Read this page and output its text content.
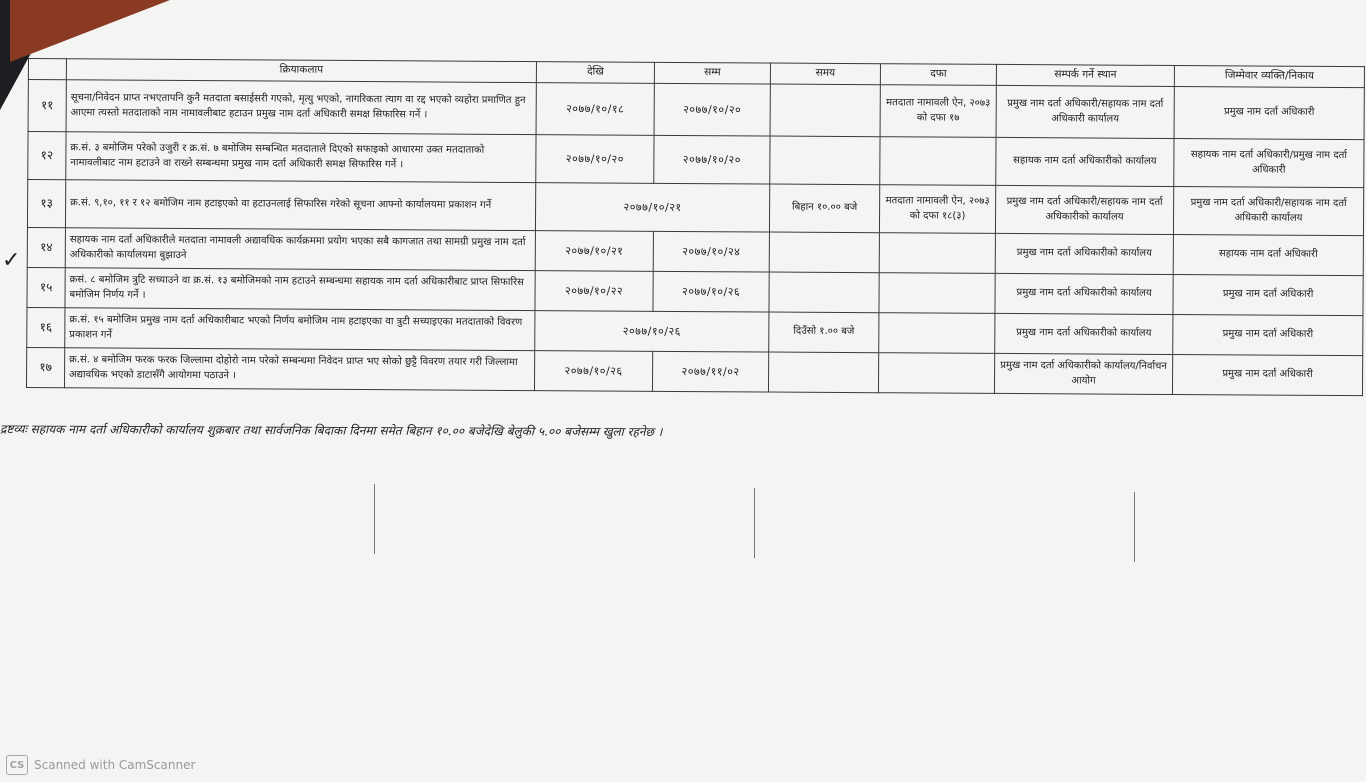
	क्रियाकलाप	देखि	सम्म	समय	दफा	सम्पर्क गर्ने स्थान	जिम्मेवार व्यक्ति/निकाय
११	सूचना/निवेदन प्राप्त नभएतापनि कुनै मतदाता बसाईसरी गएको, मृत्यु भएको, नागरिकता त्याग वा रद्द भएको व्यहोरा प्रमाणित हुन आएमा त्यस्तो मतदाताको नाम नामावलीबाट हटाउन प्रमुख नाम दर्ता अधिकारी समक्ष सिफारिस गर्ने ।	२०७७/१०/१८	२०७७/१०/२०		मतदाता नामावली ऐन, २०७३ को दफा १७	प्रमुख नाम दर्ता अधिकारी/सहायक नाम दर्ता अधिकारी कार्यालय	प्रमुख नाम दर्ता अधिकारी
१२	क्र.सं. ३ बमोजिम परेको उजुरी र क्र.सं. ७ बमोजिम सम्बन्धित मतदाताले दिएको सफाइको आधारमा उक्त मतदाताको नामावलीबाट नाम हटाउने वा राख्ने सम्बन्धमा प्रमुख नाम दर्ता अधिकारी समक्ष सिफारिस गर्ने ।	२०७७/१०/२०	२०७७/१०/२०			सहायक नाम दर्ता अधिकारीको कार्यालय	सहायक नाम दर्ता अधिकारी/प्रमुख नाम दर्ता अधिकारी
१३	क्र.सं. ९,१०, ११ र १२ बमोजिम नाम हटाइएको वा हटाउनलाई सिफारिस गरेको सूचना आफ्नो कार्यालयमा प्रकाशन गर्ने	२०७७/१०/२१		बिहान १०.०० बजे	मतदाता नामावली ऐन, २०७३ को दफा १८(३)	प्रमुख नाम दर्ता अधिकारी/सहायक नाम दर्ता अधिकारीको कार्यालय	प्रमुख नाम दर्ता अधिकारी/सहायक नाम दर्ता अधिकारी कार्यालय
१४	सहायक नाम दर्ता अधिकारीले मतदाता नामावली अद्यावधिक कार्यक्रममा प्रयोग भएका सबै कागजात तथा सामग्री प्रमुख नाम दर्ता अधिकारीको कार्यालयमा बुझाउने	२०७७/१०/२१	२०७७/१०/२४			प्रमुख नाम दर्ता अधिकारीको कार्यालय	सहायक नाम दर्ता अधिकारी
१५	क्रसं. ८ बमोजिम त्रुटि सच्याउने वा क्र.सं. १३ बमोजिमको नाम हटाउने सम्बन्धमा सहायक नाम दर्ता अधिकारीबाट प्राप्त सिफारिस बमोजिम निर्णय गर्ने ।	२०७७/१०/२२	२०७७/१०/२६			प्रमुख नाम दर्ता अधिकारीको कार्यालय	प्रमुख नाम दर्ता अधिकारी
१६	क्र.सं. १५ बमोजिम प्रमुख नाम दर्ता अधिकारीबाट भएको निर्णय बमोजिम नाम हटाइएका वा त्रुटी सच्याइएका मतदाताको विवरण प्रकाशन गर्ने	२०७७/१०/२६		दिउँसो १.०० बजे		प्रमुख नाम दर्ता अधिकारीको कार्यालय	प्रमुख नाम दर्ता अधिकारी
१७	क्र.सं. ४ बमोजिम फरक फरक जिल्लामा दोहोरो नाम परेको सम्बन्धमा निवेदन प्राप्त भए सोको छुट्टै विवरण तयार गरी जिल्लामा अद्यावधिक भएको डाटासँगै आयोगमा पठाउने ।	२०७७/१०/२६	२०७७/११/०२			प्रमुख नाम दर्ता अधिकारीको कार्यालय/निर्वाचन आयोग	प्रमुख नाम दर्ता अधिकारी
✓
द्रष्टव्यः सहायक नाम दर्ता अधिकारीको कार्यालय शुक्रबार तथा सार्वजनिक बिदाका दिनमा समेत बिहान १०.०० बजेदेखि बेलुकी ५.०० बजेसम्म खुला रहनेछ ।
CS Scanned with CamScanner
